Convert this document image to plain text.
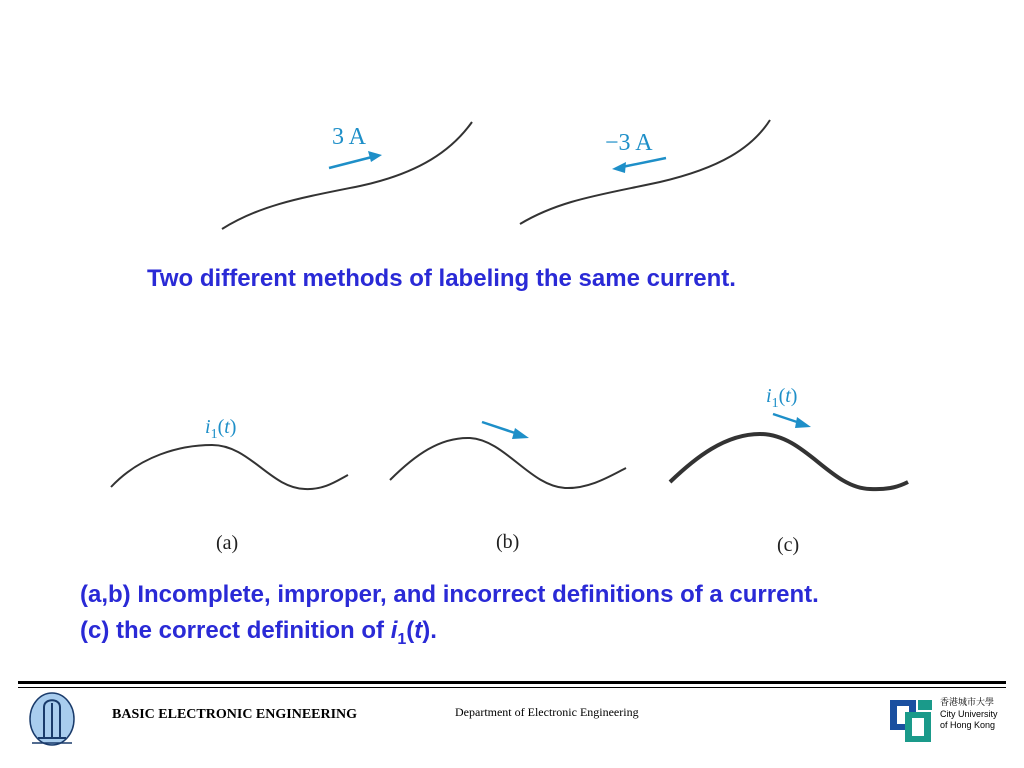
3 A	−3 A
$i_1(t)$
$i_1(t)$
(a)	(b)	(c)
Two different methods of labeling the same current.
(a,b) Incomplete, improper, and incorrect definitions of a current.
(c) the correct definition of $i_1(t)$.
BASIC ELECTRONIC ENGINEERING	Department of Electronic Engineering
香港城市大學
City University
of Hong Kong
